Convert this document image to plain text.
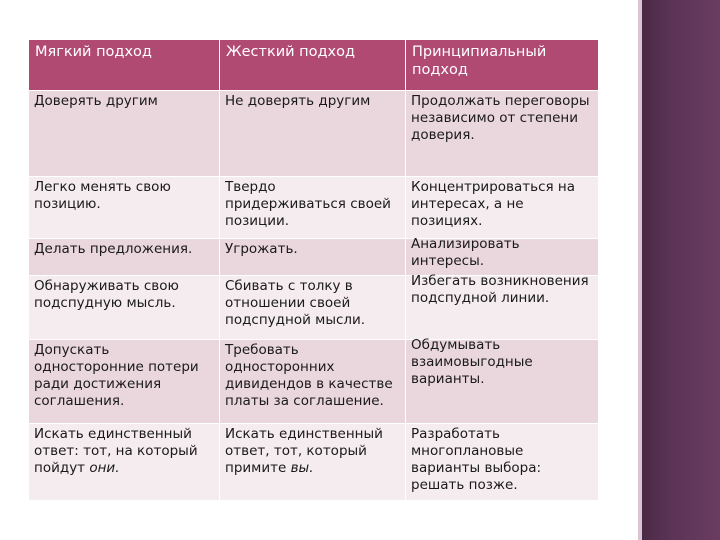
Мягкий подход	Жесткий подход	Принципиальный подход
Доверять другим	Не доверять другим	Продолжать переговоры независимо от степени доверия.
Легко менять свою позицию.	Твердо придерживаться своей позиции.	Концентрироваться на интересах, а не позициях.
Делать предложения.	Угрожать.	Анализировать интересы.

Обнаруживать свою подспудную мысль.	Сбивать с толку в отношении своей подспудной мысли.	Избегать возникновения подспудной линии.

Допускать односторонние потери ради достижения соглашения.	Требовать односторонних дивидендов в качестве платы за соглашение.	Обдумывать взаимовыгодные варианты.

Искать единственный ответ: тот, на который пойдут они.	Искать единственный ответ, тот, который примите вы.	Разработать многоплановые варианты выбора: решать позже.
